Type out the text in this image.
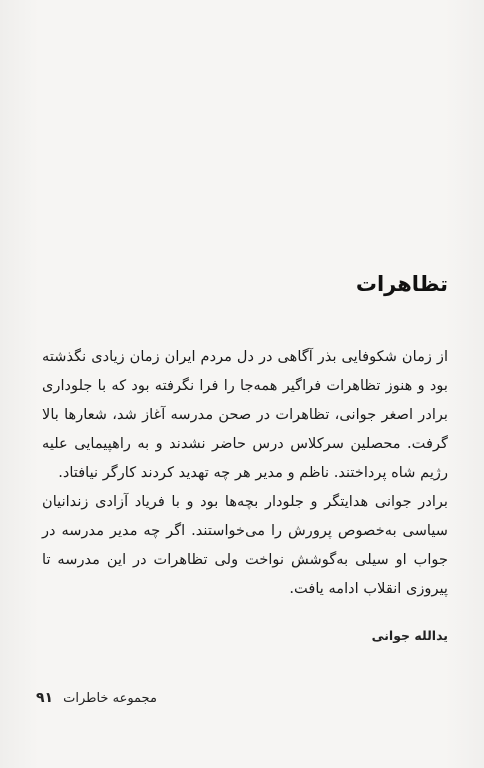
تظاهرات

از زمان شکوفایی بذر آگاهی در دل مردم ایران زمان زیادی نگذشته بود و هنوز تظاهرات فراگیر همه‌جا را فرا نگرفته بود که با جلوداری برادر اصغر جوانی، تظاهرات در صحن مدرسه آغاز شد، شعارها بالا گرفت. محصلین سرکلاس درس حاضر نشدند و به راهپیمایی علیه رژیم شاه پرداختند. ناظم و مدیر هر چه تهدید کردند کارگر نیافتاد.

برادر جوانی هدایتگر و جلودار بچه‌ها بود و با فریاد آزادی زندانیان سیاسی به‌خصوص پرورش را می‌خواستند. اگر چه مدیر مدرسه در جواب او سیلی به‌گوشش نواخت ولی تظاهرات در این مدرسه تا پیروزی انقلاب ادامه یافت.

یدالله جوانی
مجموعه خاطرات
۹۱
